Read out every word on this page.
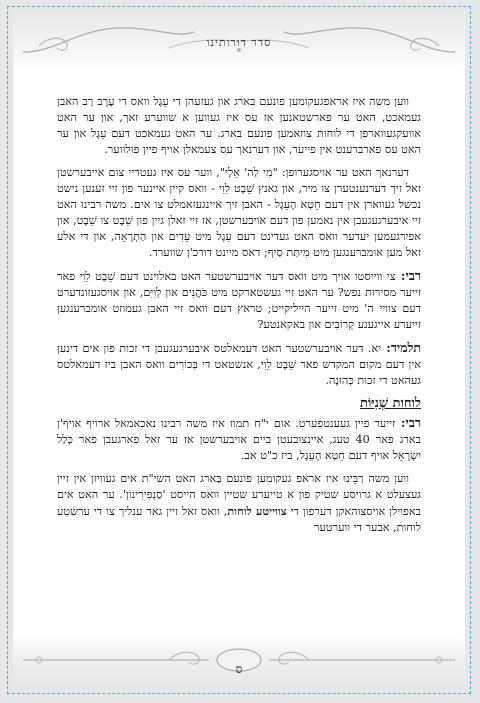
סדר דורותינו
ס

ווען משה איז אראפגעקומען פונעם בארג און געזעהן די עֵגֶל וואס די עֶרֶב רַב האבן געמאכט, האט ער פארשטאנען אז עס איז געווען א שווערע זאך, און ער האט אוועקגעווארפן די לוחות צוזאמען פונעם בארג. ער האט געמאכט דעם עֵגֶל און ער האט עס פארברענט אין פייער, און דערנאך עס צעמאלן אויף פיין פּוּלווער.

דערנאך האט ער אויסגערופן: "מִי לַה' אֵלָי", ווער עס איז געטריי צום אייבערשטן זאל זיך דערנענטערן צו מיר, און גאנץ שֵׁבֶט לֵוִי - וואס קיין איינער פון זיי זענען נישט נכשל געווארן אין דעם חֵטְא הָעֵגֶל - האבן זיך איינגעזאמלט צו אים. משה רבינו האט זיי איבערגעגעבן אין נאמען פון דעם אויבערשטן, אז זיי זאלן גיין פון שֵׁבֶט צו שֵׁבֶט, און אפירגעמען יעדער וואס האט געדינט דעם עֵגֶל מיט עֵדִים און הַתְרָאָה, און די אלע זאל מען אומברענגען מיט מִיתַת סַיִף; דאס מיינט דורכ'ן שווערד.

רבי: צי ווייסטו אויך מיט וואס דער אויבערשטער האט באלוינט דעם שֵׁבֶט לֵוִי פאר זייער מסירות נפש? ער האט זיי געשטארקט מיט כֹּהֲנִים און לְוִיִּם, און אויסגעזונדערט דעם צוויי ה' מיט זייער הייליקייט; טראץ דעם וואס זיי האבן געמוזט אומברענגען זייערע אייגענע קְרוֹבִים און באקאנטע?

תלמיד: יא. דער אויבערשטער האט דעמאלטס איבערגעגעבן די זכות פון אים דינען אין דעם מקום המקדש פאר שֵׁבֶט לֵוִי, אנשטאט די בְּכוֹרִים וואס האבן ביז דעמאלטס געהאט די זכות כְּהוּנָה.

לוחות שְׁנִיּוֹת

רבי: זייער פיין געענטפערט. אום י"ח תמוז איז משה רבינו נאכאמאל ארויף אויף'ן בארג פאר 40 טעג, איינצובעטן ביים אויבערשטן אז ער זאל פארגעבן פאר כְּלַל יִשְׂרָאֵל אויף דעם חֵטְא הָעֵגֶל, ביז כ"ט אב.

ווען משה רַבֵּינוּ איז אראפ געקומען פונעם בַּארג האט השי"ת אים געוויזן אין זיין געצעלט א גרויסע שטיק פון א טייערע שטיין וואס הייסט 'סַנְפִּירִינוֹן'. ער האט אים באפוילן אויסצוהאקן דערפון די צווייטע לוחות, וואס זאל זיין גאר ענליך צו די ערשטע לוחות, אבער די ווערטער
